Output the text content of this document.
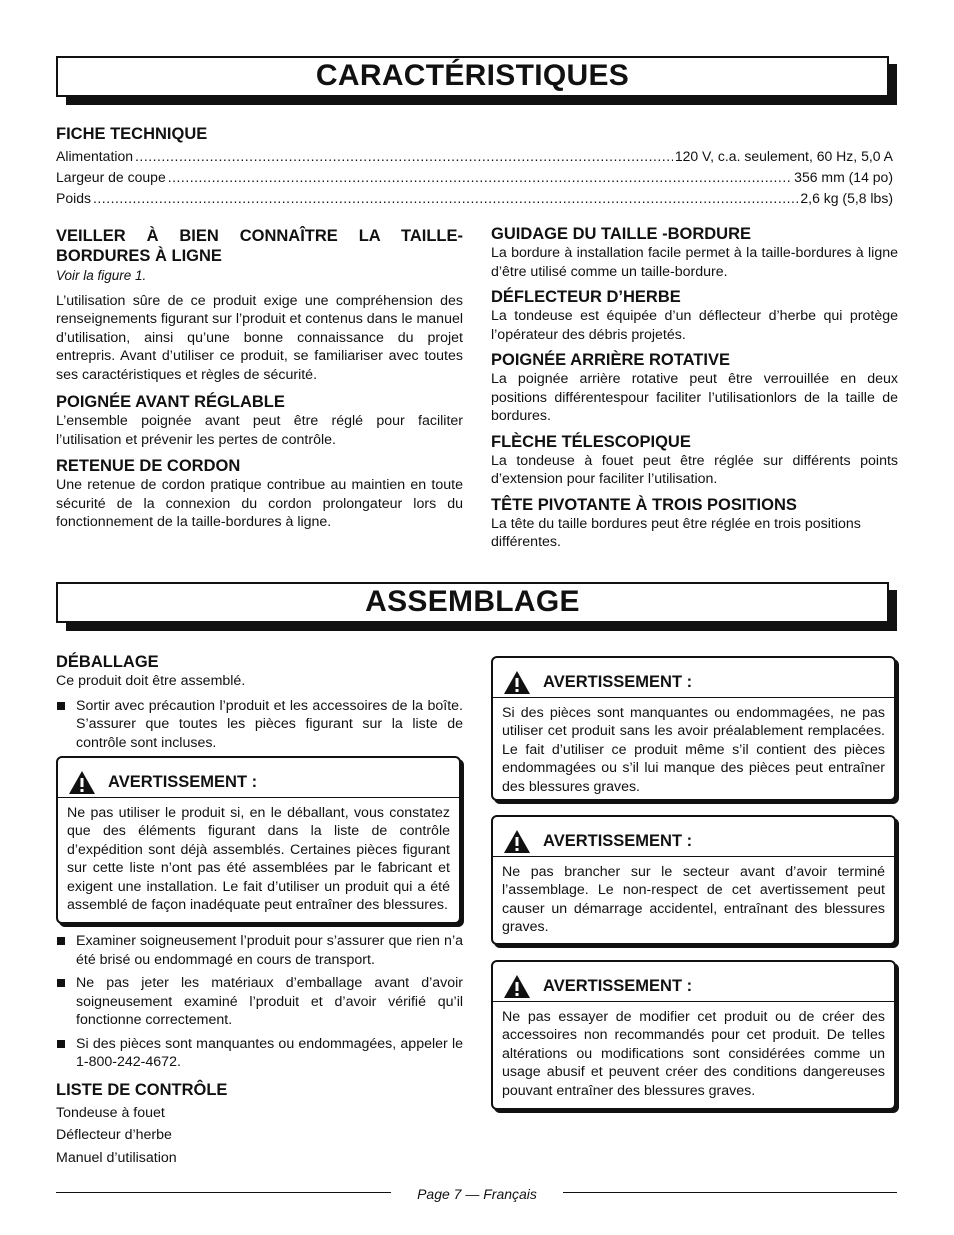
CARACTÉRISTIQUES
FICHE TECHNIQUE
Alimentation .....	120 V, c.a. seulement, 60 Hz, 5,0 A
Largeur de coupe .....	356 mm (14 po)
Poids .....	2,6 kg (5,8 lbs)
VEILLER À BIEN CONNAÎTRE LA TAILLE-
BORDURES À LIGNE

Voir la figure 1.

L’utilisation sûre de ce produit exige une compréhension des renseignements figurant sur l’produit et contenus dans le manuel d’utilisation, ainsi qu’une bonne connaissance du projet entrepris. Avant d’utiliser ce produit, se familiariser avec toutes ses caractéristiques et règles de sécurité.

POIGNÉE AVANT RÉGLABLE

L’ensemble poignée avant peut être réglé pour faciliter l’utilisation et prévenir les pertes de contrôle.

RETENUE DE CORDON

Une retenue de cordon pratique contribue au maintien en toute sécurité de la connexion du cordon prolongateur lors du fonctionnement de la taille-bordures à ligne.

GUIDAGE DU TAILLE -BORDURE

La bordure à installation facile permet à la taille-bordures à ligne d’être utilisé comme un taille-bordure.

DÉFLECTEUR D’HERBE

La tondeuse est équipée d’un déflecteur d’herbe qui protège l’opérateur des débris projetés.

POIGNÉE ARRIÈRE ROTATIVE

La poignée arrière rotative peut être verrouillée en deux positions différentespour faciliter l’utilisationlors de la taille de bordures.

FLÈCHE TÉLESCOPIQUE

La tondeuse à fouet peut être réglée sur différents points d’extension pour faciliter l’utilisation.

TÊTE PIVOTANTE À TROIS POSITIONS

La tête du taille bordures peut être réglée en trois positions différentes.

ASSEMBLAGE
DÉBALLAGE

Ce produit doit être assemblé.

Sortir avec précaution l’produit et les accessoires de la boîte. S’assurer que toutes les pièces figurant sur la liste de contrôle sont incluses.
AVERTISSEMENT :
Ne pas utiliser le produit si, en le déballant, vous constatez que des éléments figurant dans la liste de contrôle d’expédition sont déjà assemblés. Certaines pièces figurant sur cette liste n’ont pas été assemblées par le fabricant et exigent une installation. Le fait d’utiliser un produit qui a été assemblé de façon inadéquate peut entraîner des blessures.
Examiner soigneusement l’produit pour s’assurer que rien n’a été brisé ou endommagé en cours de transport.
Ne pas jeter les matériaux d’emballage avant d’avoir soigneusement examiné l’produit et d’avoir vérifié qu’il fonctionne correctement.
Si des pièces sont manquantes ou endommagées, appeler le 1-800-242-4672.
LISTE DE CONTRÔLE

Tondeuse à fouet

Déflecteur d’herbe

Manuel d’utilisation

AVERTISSEMENT :
Si des pièces sont manquantes ou endommagées, ne pas utiliser cet produit sans les avoir préalablement remplacées. Le fait d’utiliser ce produit même s’il contient des pièces endommagées ou s’il lui manque des pièces peut entraîner des blessures graves.
AVERTISSEMENT :
Ne pas brancher sur le secteur avant d’avoir terminé l’assemblage. Le non-respect de cet avertissement peut causer un démarrage accidentel, entraînant des blessures graves.
AVERTISSEMENT :
Ne pas essayer de modifier cet produit ou de créer des accessoires non recommandés pour cet produit. De telles altérations ou modifications sont considérées comme un usage abusif et peuvent créer des conditions dangereuses pouvant entraîner des blessures graves.
Page 7 — Français
